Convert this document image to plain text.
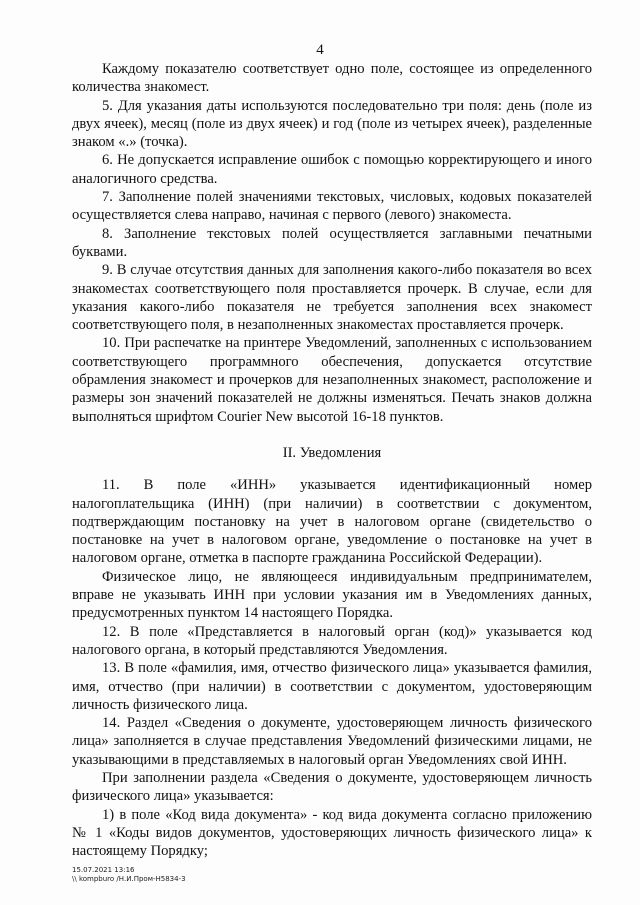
4

Каждому показателю соответствует одно поле, состоящее из определенного количества знакомест.

5. Для указания даты используются последовательно три поля: день (поле из двух ячеек), месяц (поле из двух ячеек) и год (поле из четырех ячеек), разделенные знаком «.» (точка).

6. Не допускается исправление ошибок с помощью корректирующего и иного аналогичного средства.

7. Заполнение полей значениями текстовых, числовых, кодовых показателей осуществляется слева направо, начиная с первого (левого) знакоместа.

8. Заполнение текстовых полей осуществляется заглавными печатными буквами.

9. В случае отсутствия данных для заполнения какого-либо показателя во всех знакоместах соответствующего поля проставляется прочерк. В случае, если для указания какого-либо показателя не требуется заполнения всех знакомест соответствующего поля, в незаполненных знакоместах проставляется прочерк.

10. При распечатке на принтере Уведомлений, заполненных с использованием соответствующего программного обеспечения, допускается отсутствие обрамления знакомест и прочерков для незаполненных знакомест, расположение и размеры зон значений показателей не должны изменяться. Печать знаков должна выполняться шрифтом Courier New высотой 16-18 пунктов.

II. Уведомления

11. В поле «ИНН» указывается идентификационный номер налогоплательщика (ИНН) (при наличии) в соответствии с документом, подтверждающим постановку на учет в налоговом органе (свидетельство о постановке на учет в налоговом органе, уведомление о постановке на учет в налоговом органе, отметка в паспорте гражданина Российской Федерации).

Физическое лицо, не являющееся индивидуальным предпринимателем, вправе не указывать ИНН при условии указания им в Уведомлениях данных, предусмотренных пунктом 14 настоящего Порядка.

12. В поле «Представляется в налоговый орган (код)» указывается код налогового органа, в который представляются Уведомления.

13. В поле «фамилия, имя, отчество физического лица» указывается фамилия, имя, отчество (при наличии) в соответствии с документом, удостоверяющим личность физического лица.

14. Раздел «Сведения о документе, удостоверяющем личность физического лица» заполняется в случае представления Уведомлений физическими лицами, не указывающими в представляемых в налоговый орган Уведомлениях свой ИНН.

При заполнении раздела «Сведения о документе, удостоверяющем личность физического лица» указывается:

1) в поле «Код вида документа» - код вида документа согласно приложению № 1 «Коды видов документов, удостоверяющих личность физического лица» к настоящему Порядку;

15.07.2021 13:16
\\ kompburo /Н.И.Пром-H5834-3
